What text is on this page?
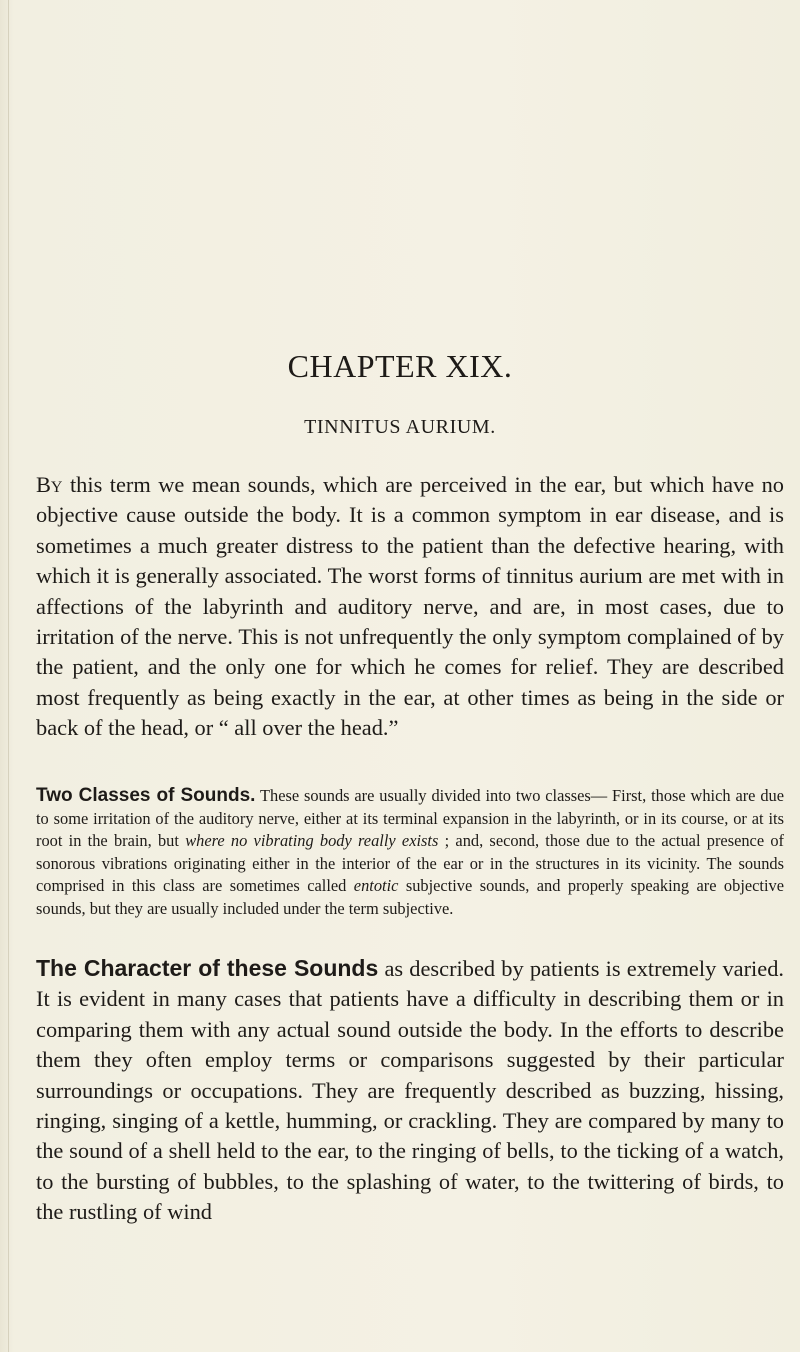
CHAPTER XIX.
TINNITUS AURIUM.

By this term we mean sounds, which are perceived in the ear, but which have no objective cause outside the body. It is a common symptom in ear disease, and is sometimes a much greater distress to the patient than the defective hearing, with which it is generally associated. The worst forms of tinnitus aurium are met with in affections of the labyrinth and auditory nerve, and are, in most cases, due to irritation of the nerve. This is not unfrequently the only symptom complained of by the patient, and the only one for which he comes for relief. They are described most frequently as being exactly in the ear, at other times as being in the side or back of the head, or “ all over the head.”

Two Classes of Sounds. These sounds are usually divided into two classes— First, those which are due to some irritation of the auditory nerve, either at its terminal expansion in the labyrinth, or in its course, or at its root in the brain, but where no vibrating body really exists ; and, second, those due to the actual presence of sonorous vibrations originating either in the interior of the ear or in the structures in its vicinity. The sounds comprised in this class are sometimes called entotic subjective sounds, and properly speaking are objective sounds, but they are usually included under the term subjective.

The Character of these Sounds as described by patients is extremely varied. It is evident in many cases that patients have a difficulty in describing them or in comparing them with any actual sound outside the body. In the efforts to describe them they often employ terms or comparisons suggested by their particular surroundings or occupations. They are frequently described as buzzing, hissing, ringing, singing of a kettle, humming, or crackling. They are compared by many to the sound of a shell held to the ear, to the ringing of bells, to the ticking of a watch, to the bursting of bubbles, to the splashing of water, to the twittering of birds, to the rustling of wind
